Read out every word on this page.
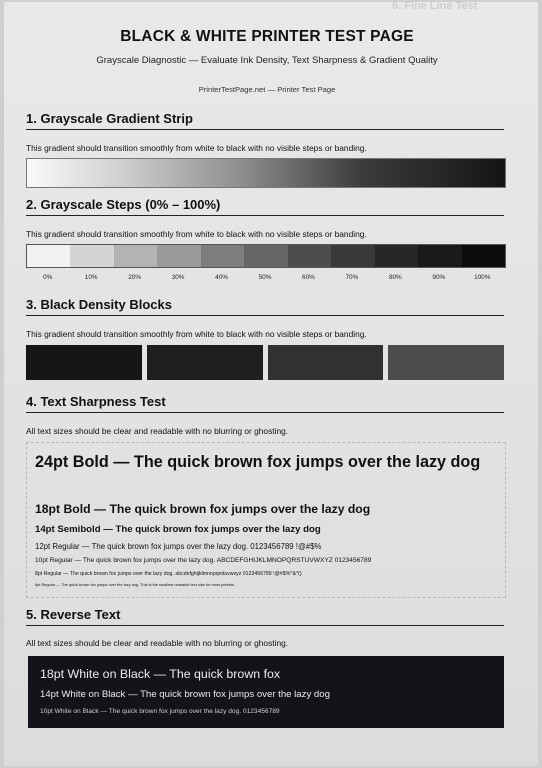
6. Fine Line Test
BLACK & WHITE PRINTER TEST PAGE
Grayscale Diagnostic — Evaluate Ink Density, Text Sharpness & Gradient Quality
PrinterTestPage.net — Printer Test Page
1. Grayscale Gradient Strip
This gradient should transition smoothly from white to black with no visible steps or banding.
2. Grayscale Steps (0% – 100%)
This gradient should transition smoothly from white to black with no visible steps or banding.
0%	10%	20%	30%	40%	50%	60%	70%	80%	90%	100%
3. Black Density Blocks
This gradient should transition smoothly from white to black with no visible steps or banding.
4. Text Sharpness Test
All text sizes should be clear and readable with no blurring or ghosting.
24pt Bold — The quick brown fox jumps over the lazy dog
18pt Bold — The quick brown fox jumps over the lazy dog
14pt Semibold — The quick brown fox jumps over the lazy dog
12pt Regular — The quick brown fox jumps over the lazy dog. 0123456789 !@#$%
10pt Regular — The quick brown fox jumps over the lazy dog. ABCDEFGHIJKLMNOPQRSTUVWXYZ 0123456789
8pt Regular — The quick brown fox jumps over the lazy dog. abcdefghijklmnopqrstuvwxyz 0123456789 !@#$%^&*()
6pt Regular — The quick brown fox jumps over the lazy dog. This is the smallest readable text size for most printers.
5. Reverse Text
All text sizes should be clear and readable with no blurring or ghosting.
18pt White on Black — The quick brown fox
14pt White on Black — The quick brown fox jumps over the lazy dog
10pt White on Black — The quick brown fox jumps over the lazy dog. 0123456789
